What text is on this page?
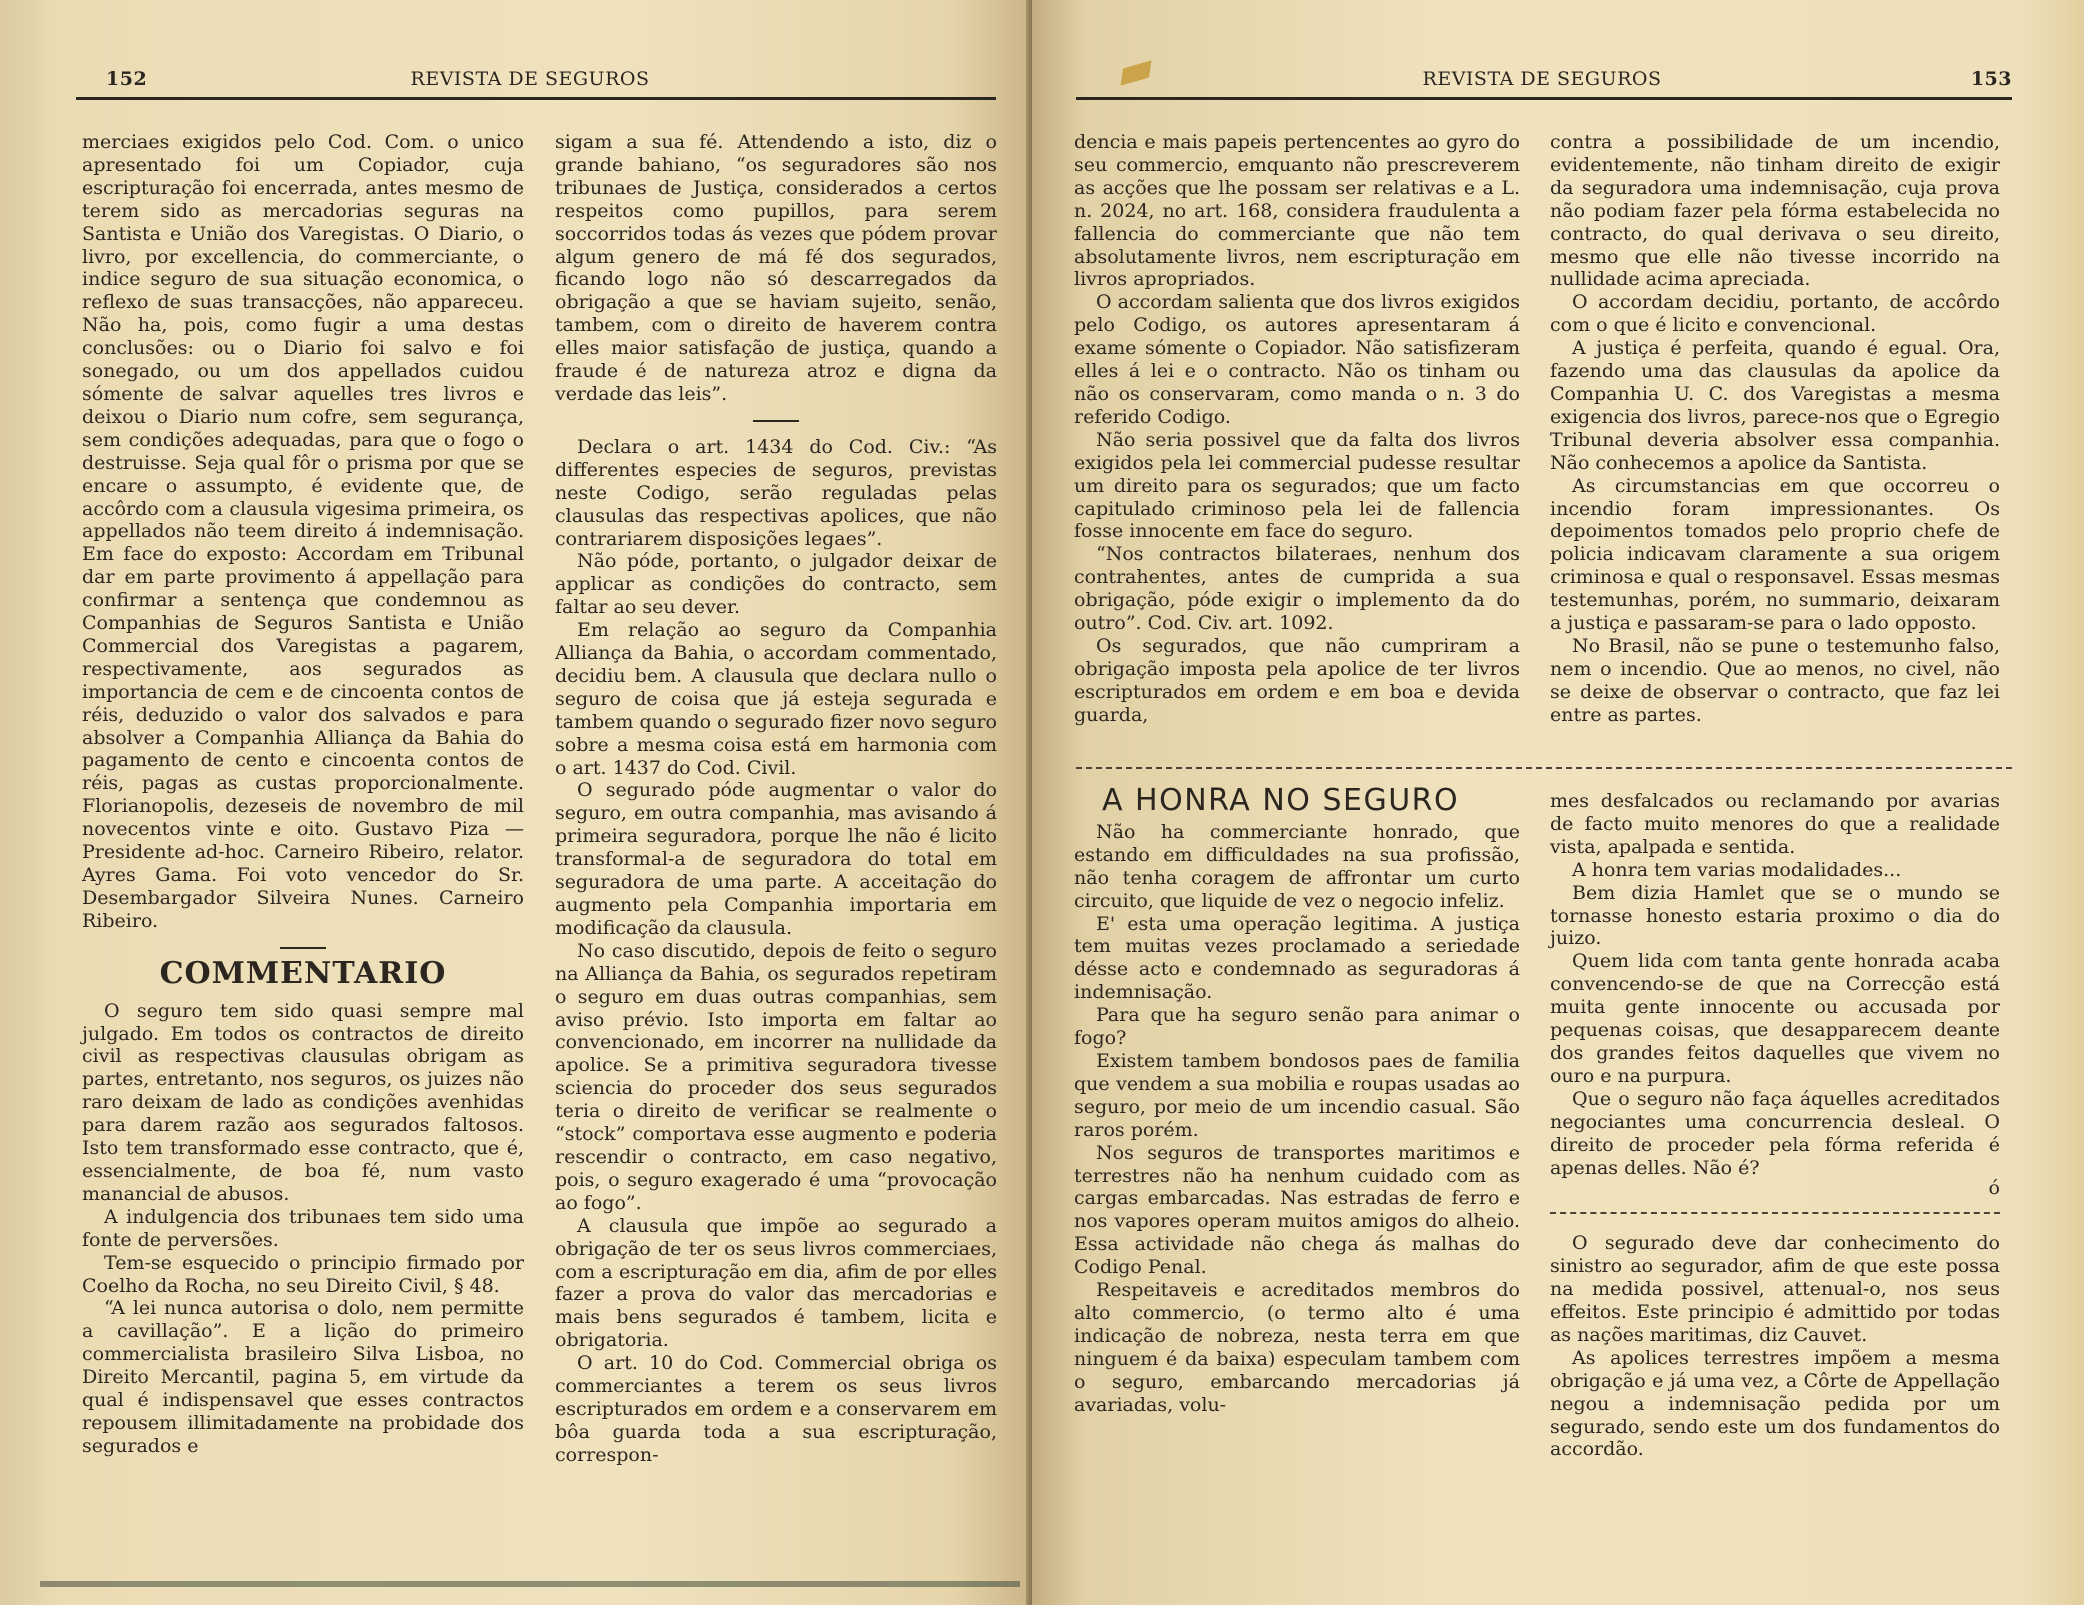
152	REVISTA DE SEGUROS

merciaes exigidos pelo Cod. Com. o unico apresentado foi um Copiador, cuja escripturação foi encerrada, antes mesmo de terem sido as mercadorias seguras na Santista e União dos Varegistas. O Diario, o livro, por excellencia, do commerciante, o indice seguro de sua situação economica, o reflexo de suas transacções, não appareceu. Não ha, pois, como fugir a uma destas conclusões: ou o Diario foi salvo e foi sonegado, ou um dos appellados cuidou sómente de salvar aquelles tres livros e deixou o Diario num cofre, sem segurança, sem condições adequadas, para que o fogo o destruisse. Seja qual fôr o prisma por que se encare o assumpto, é evidente que, de accôrdo com a clausula vigesima primeira, os appellados não teem direito á indemnisação. Em face do exposto: Accordam em Tribunal dar em parte provimento á appellação para confirmar a sentença que condemnou as Companhias de Seguros Santista e União Commercial dos Varegistas a pagarem, respectivamente, aos segurados as importancia de cem e de cincoenta contos de réis, deduzido o valor dos salvados e para absolver a Companhia Alliança da Bahia do pagamento de cento e cincoenta contos de réis, pagas as custas proporcionalmente. Florianopolis, dezeseis de novembro de mil novecentos vinte e oito. Gustavo Piza — Presidente ad-hoc. Carneiro Ribeiro, relator. Ayres Gama. Foi voto vencedor do Sr. Desembargador Silveira Nunes. Carneiro Ribeiro.

COMMENTARIO

O seguro tem sido quasi sempre mal julgado. Em todos os contractos de direito civil as respectivas clausulas obrigam as partes, entretanto, nos seguros, os juizes não raro deixam de lado as condições avenhidas para darem razão aos segurados faltosos. Isto tem transformado esse contracto, que é, essencialmente, de boa fé, num vasto manancial de abusos.

A indulgencia dos tribunaes tem sido uma fonte de perversões.

Tem-se esquecido o principio firmado por Coelho da Rocha, no seu Direito Civil, § 48.

“A lei nunca autorisa o dolo, nem permitte a cavillação”. E a lição do primeiro commercialista brasileiro Silva Lisboa, no Direito Mercantil, pagina 5, em virtude da qual é indispensavel que esses contractos repousem illimitadamente na probidade dos segurados e

sigam a sua fé. Attendendo a isto, diz o grande bahiano, “os seguradores são nos tribunaes de Justiça, considerados a certos respeitos como pupillos, para serem soccorridos todas ás vezes que pódem provar algum genero de má fé dos segurados, ficando logo não só descarregados da obrigação a que se haviam sujeito, senão, tambem, com o direito de haverem contra elles maior satisfação de justiça, quando a fraude é de natureza atroz e digna da verdade das leis”.

Declara o art. 1434 do Cod. Civ.: “As differentes especies de seguros, previstas neste Codigo, serão reguladas pelas clausulas das respectivas apolices, que não contrariarem disposições legaes”.

Não póde, portanto, o julgador deixar de applicar as condições do contracto, sem faltar ao seu dever.

Em relação ao seguro da Companhia Alliança da Bahia, o accordam commentado, decidiu bem. A clausula que declara nullo o seguro de coisa que já esteja segurada e tambem quando o segurado fizer novo seguro sobre a mesma coisa está em harmonia com o art. 1437 do Cod. Civil.

O segurado póde augmentar o valor do seguro, em outra companhia, mas avisando á primeira seguradora, porque lhe não é licito transformal-a de seguradora do total em seguradora de uma parte. A acceitação do augmento pela Companhia importaria em modificação da clausula.

No caso discutido, depois de feito o seguro na Alliança da Bahia, os segurados repetiram o seguro em duas outras companhias, sem aviso prévio. Isto importa em faltar ao convencionado, em incorrer na nullidade da apolice. Se a primitiva seguradora tivesse sciencia do proceder dos seus segurados teria o direito de verificar se realmente o “stock” comportava esse augmento e poderia rescendir o contracto, em caso negativo, pois, o seguro exagerado é uma “provocação ao fogo”.

A clausula que impõe ao segurado a obrigação de ter os seus livros commerciaes, com a escripturação em dia, afim de por elles fazer a prova do valor das mercadorias e mais bens segurados é tambem, licita e obrigatoria.

O art. 10 do Cod. Commercial obriga os commerciantes a terem os seus livros escripturados em ordem e a conservarem em bôa guarda toda a sua escripturação, correspon-

REVISTA DE SEGUROS	153

dencia e mais papeis pertencentes ao gyro do seu commercio, emquanto não prescreverem as acções que lhe possam ser relativas e a L. n. 2024, no art. 168, considera fraudulenta a fallencia do commerciante que não tem absolutamente livros, nem escripturação em livros apropriados.

O accordam salienta que dos livros exigidos pelo Codigo, os autores apresentaram á exame sómente o Copiador. Não satisfizeram elles á lei e o contracto. Não os tinham ou não os conservaram, como manda o n. 3 do referido Codigo.

Não seria possivel que da falta dos livros exigidos pela lei commercial pudesse resultar um direito para os segurados; que um facto capitulado criminoso pela lei de fallencia fosse innocente em face do seguro.

“Nos contractos bilateraes, nenhum dos contrahentes, antes de cumprida a sua obrigação, póde exigir o implemento da do outro”. Cod. Civ. art. 1092.

Os segurados, que não cumpriram a obrigação imposta pela apolice de ter livros escripturados em ordem e em boa e devida guarda,

contra a possibilidade de um incendio, evidentemente, não tinham direito de exigir da seguradora uma indemnisação, cuja prova não podiam fazer pela fórma estabelecida no contracto, do qual derivava o seu direito, mesmo que elle não tivesse incorrido na nullidade acima apreciada.

O accordam decidiu, portanto, de accôrdo com o que é licito e convencional.

A justiça é perfeita, quando é egual. Ora, fazendo uma das clausulas da apolice da Companhia U. C. dos Varegistas a mesma exigencia dos livros, parece-nos que o Egregio Tribunal deveria absolver essa companhia. Não conhecemos a apolice da Santista.

As circumstancias em que occorreu o incendio foram impressionantes. Os depoimentos tomados pelo proprio chefe de policia indicavam claramente a sua origem criminosa e qual o responsavel. Essas mesmas testemunhas, porém, no summario, deixaram a justiça e passaram-se para o lado opposto.

No Brasil, não se pune o testemunho falso, nem o incendio. Que ao menos, no civel, não se deixe de observar o contracto, que faz lei entre as partes.

A HONRA NO SEGURO

Não ha commerciante honrado, que estando em difficuldades na sua profissão, não tenha coragem de affrontar um curto circuito, que liquide de vez o negocio infeliz.

E' esta uma operação legitima. A justiça tem muitas vezes proclamado a seriedade désse acto e condemnado as seguradoras á indemnisação.

Para que ha seguro senão para animar o fogo?

Existem tambem bondosos paes de familia que vendem a sua mobilia e roupas usadas ao seguro, por meio de um incendio casual. São raros porém.

Nos seguros de transportes maritimos e terrestres não ha nenhum cuidado com as cargas embarcadas. Nas estradas de ferro e nos vapores operam muitos amigos do alheio. Essa actividade não chega ás malhas do Codigo Penal.

Respeitaveis e acreditados membros do alto commercio, (o termo alto é uma indicação de nobreza, nesta terra em que ninguem é da baixa) especulam tambem com o seguro, embarcando mercadorias já avariadas, volu-

mes desfalcados ou reclamando por avarias de facto muito menores do que a realidade vista, apalpada e sentida.

A honra tem varias modalidades...

Bem dizia Hamlet que se o mundo se tornasse honesto estaria proximo o dia do juizo.

Quem lida com tanta gente honrada acaba convencendo-se de que na Correcção está muita gente innocente ou accusada por pequenas coisas, que desapparecem deante dos grandes feitos daquelles que vivem no ouro e na purpura.

Que o seguro não faça áquelles acreditados negociantes uma concurrencia desleal. O direito de proceder pela fórma referida é apenas delles. Não é?

ó

O segurado deve dar conhecimento do sinistro ao segurador, afim de que este possa na medida possivel, attenual-o, nos seus effeitos. Este principio é admittido por todas as nações maritimas, diz Cauvet.

As apolices terrestres impõem a mesma obrigação e já uma vez, a Côrte de Appellação negou a indemnisação pedida por um segurado, sendo este um dos fundamentos do accordão.
